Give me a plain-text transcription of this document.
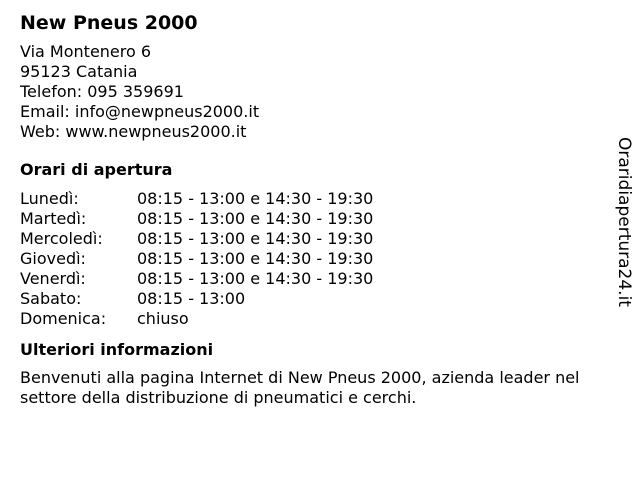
New Pneus 2000
Via Montenero 6
95123 Catania
Telefon: 095 359691
Email: info@newpneus2000.it
Web: www.newpneus2000.it
Orari di apertura
Lunedì:	08:15 - 13:00 e 14:30 - 19:30
Martedì:	08:15 - 13:00 e 14:30 - 19:30
Mercoledì:	08:15 - 13:00 e 14:30 - 19:30
Giovedì:	08:15 - 13:00 e 14:30 - 19:30
Venerdì:	08:15 - 13:00 e 14:30 - 19:30
Sabato:	08:15 - 13:00
Domenica:	chiuso
Ulteriori informazioni
Benvenuti alla pagina Internet di New Pneus 2000, azienda leader nel
settore della distribuzione di pneumatici e cerchi.
Oraridiapertura24.it
